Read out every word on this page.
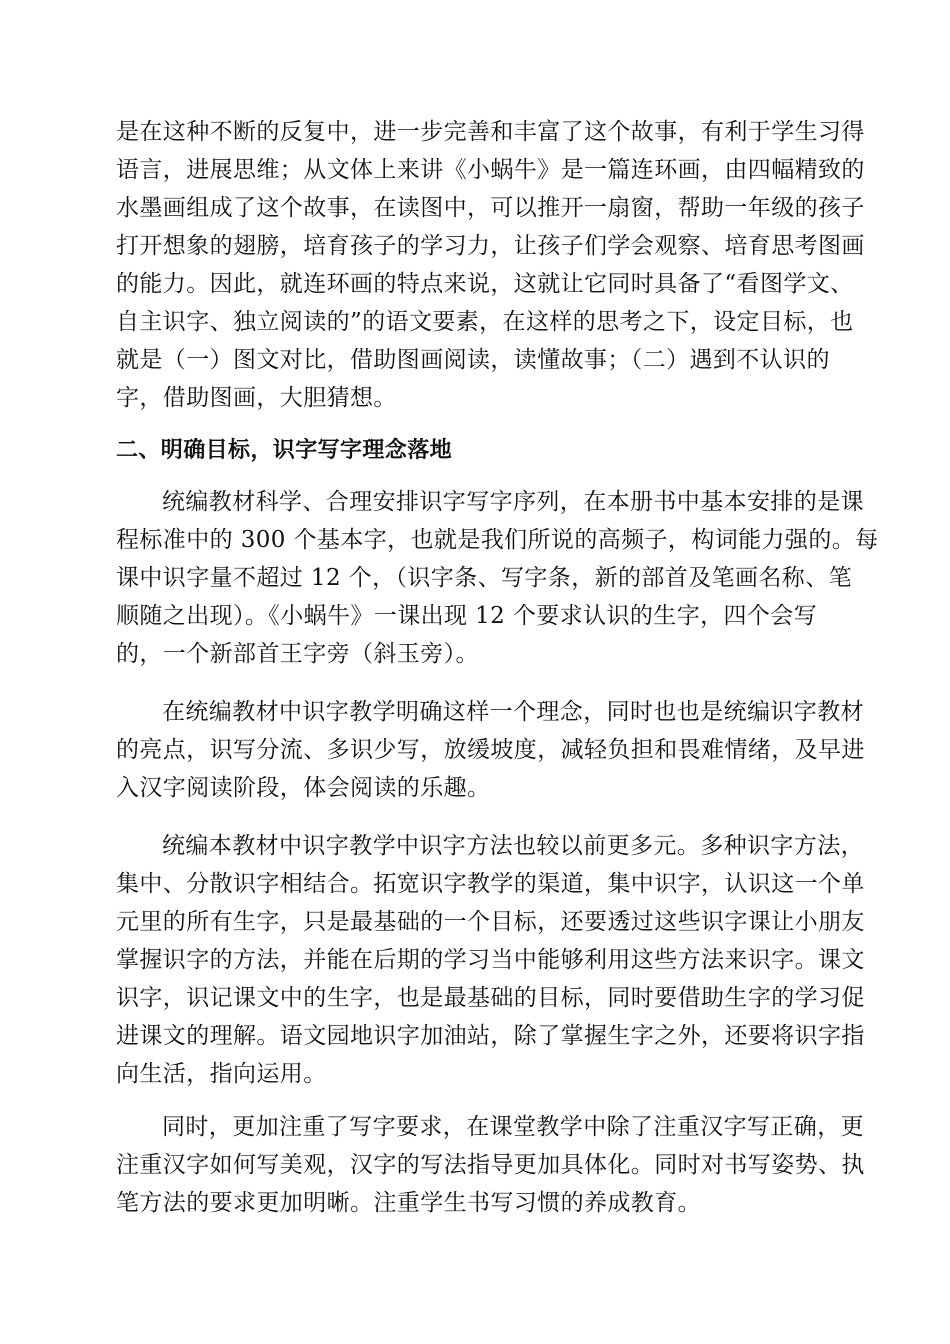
是在这种不断的反复中，进一步完善和丰富了这个故事，有利于学生习得
语言，进展思维；从文体上来讲《小蜗牛》是一篇连环画，由四幅精致的
水墨画组成了这个故事，在读图中，可以推开一扇窗，帮助一年级的孩子
打开想象的翅膀，培育孩子的学习力，让孩子们学会观察、培育思考图画
的能力。因此，就连环画的特点来说，这就让它同时具备了“看图学文、
自主识字、独立阅读的”的语文要素，在这样的思考之下，设定目标，也
就是（一）图文对比，借助图画阅读，读懂故事；（二）遇到不认识的
字，借助图画，大胆猜想。
二、明确目标，识字写字理念落地
统编教材科学、合理安排识字写字序列，在本册书中基本安排的是课
程标准中的 300 个基本字，也就是我们所说的高频子，构词能力强的。每
课中识字量不超过 12 个，（识字条、写字条，新的部首及笔画名称、笔
顺随之出现）。《小蜗牛》一课出现 12 个要求认识的生字，四个会写
的，一个新部首王字旁（斜玉旁）。
在统编教材中识字教学明确这样一个理念，同时也也是统编识字教材
的亮点，识写分流、多识少写，放缓坡度，减轻负担和畏难情绪，及早进
入汉字阅读阶段，体会阅读的乐趣。
统编本教材中识字教学中识字方法也较以前更多元。多种识字方法，
集中、分散识字相结合。拓宽识字教学的渠道，集中识字，认识这一个单
元里的所有生字，只是最基础的一个目标，还要透过这些识字课让小朋友
掌握识字的方法，并能在后期的学习当中能够利用这些方法来识字。课文
识字，识记课文中的生字，也是最基础的目标，同时要借助生字的学习促
进课文的理解。语文园地识字加油站，除了掌握生字之外，还要将识字指
向生活，指向运用。
同时，更加注重了写字要求，在课堂教学中除了注重汉字写正确，更
注重汉字如何写美观，汉字的写法指导更加具体化。同时对书写姿势、执
笔方法的要求更加明晰。注重学生书写习惯的养成教育。
